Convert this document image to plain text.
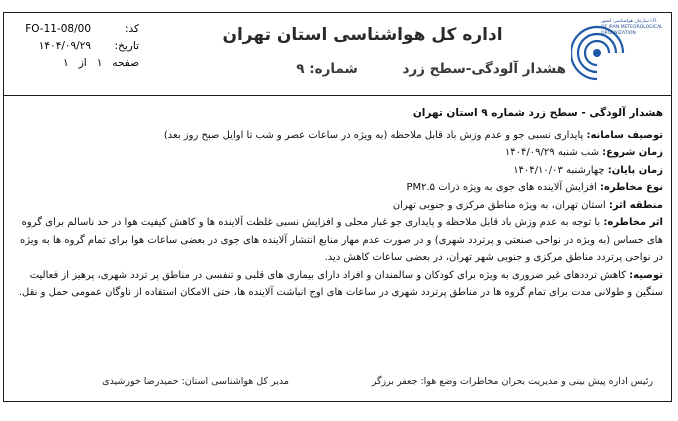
کد:FO-11-08/00
تاریخ:۱۴۰۴/۰۹/۲۹
صفحه   ۱   از   ۱
اداره کل هواشناسی استان تهران
هشدار آلودگی-سطح زرد شماره: ۹
سازمان هواشناسی کشور I.R. OF IRAN METEOROLOGICAL ORGANIZATION
هشدار آلودگی - سطح زرد شماره ۹ استان تهران

توصیف سامانه: پایداری نسبی جو و عدم وزش باد قابل ملاحظه (به ویژه در ساعات عصر و شب تا اوایل صبح روز بعد)

زمان شروع: شب شنبه ۱۴۰۴/۰۹/۲۹

زمان پایان: چهارشنبه ۱۴۰۴/۱۰/۰۳

نوع مخاطره: افزایش آلاینده های جوی به ویژه ذرات PM۲.۵

منطقه اثر: استان تهران، به ویژه مناطق مرکزی و جنوبی تهران

اثر مخاطره: با توجه به عدم وزش باد قابل ملاحظه و پایداری جو غبار محلی و افزایش نسبی غلظت آلاینده ها و کاهش کیفیت هوا در حد ناسالم برای گروه های حساس (به ویژه در نواحی صنعتی و پرتردد شهری) و در صورت عدم مهار منابع انتشار آلاینده های جوی در بعضی ساعات هوا برای تمام گروه ها به ویژه در نواحی پرتردد مناطق مرکزی و جنوبی شهر تهران، در بعضی ساعات کاهش دید.

توصیه: کاهش ترددهای غیر ضروری به ویژه برای کودکان و سالمندان و افراد دارای بیماری های قلبی و تنفسی در مناطق پر تردد شهری، پرهیز از فعالیت سنگین و طولانی مدت برای تمام گروه ها در مناطق پرتردد شهری در ساعات های اوج انباشت آلاینده ها، حتی الامکان استفاده از ناوگان عمومی حمل و نقل.

رئیس اداره پیش بینی و مدیریت بحران مخاطرات وضع هوا: جعفر برزگر
مدیر کل هواشناسی استان: حمیدرضا خورشیدی
